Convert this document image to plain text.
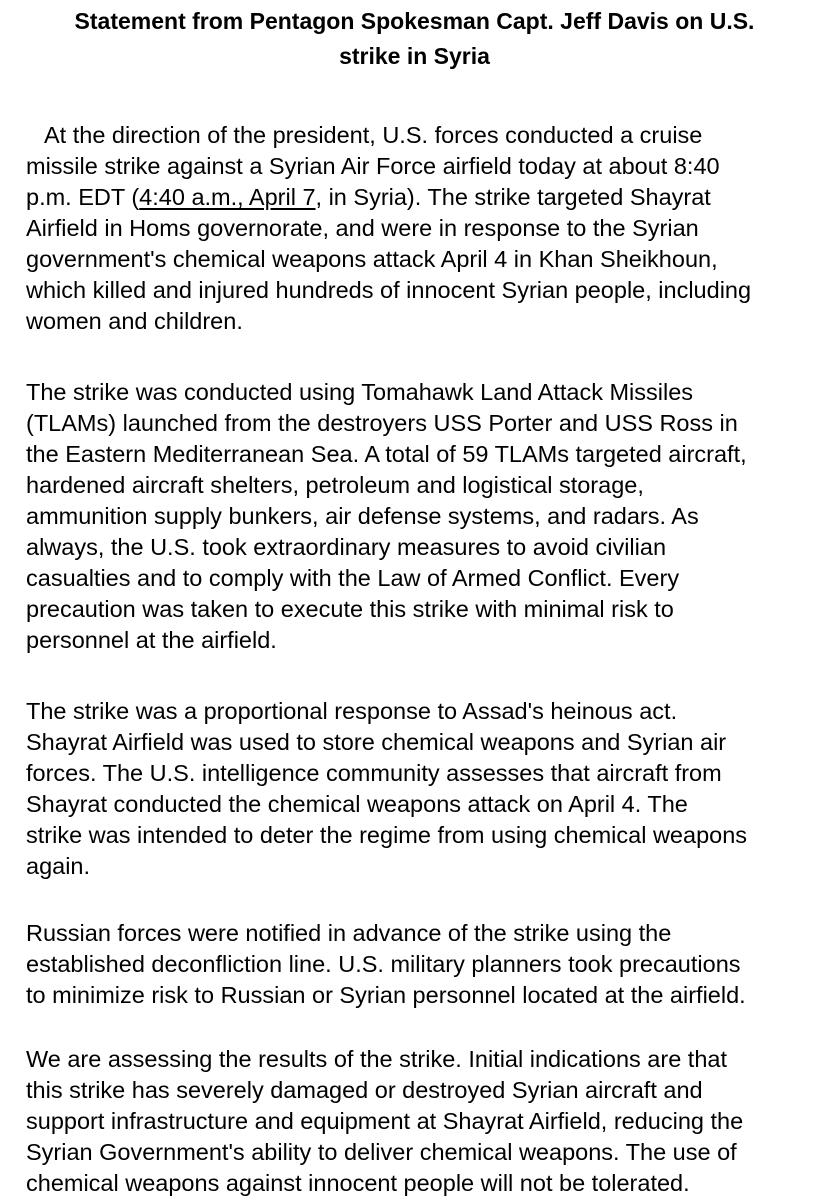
Statement from Pentagon Spokesman Capt. Jeff Davis on U.S.
strike in Syria
At the direction of the president, U.S. forces conducted a cruise
missile strike against a Syrian Air Force airfield today at about 8:40
p.m. EDT (4:40 a.m., April 7, in Syria). The strike targeted Shayrat
Airfield in Homs governorate, and were in response to the Syrian
government's chemical weapons attack April 4 in Khan Sheikhoun,
which killed and injured hundreds of innocent Syrian people, including
women and children.
The strike was conducted using Tomahawk Land Attack Missiles
(TLAMs) launched from the destroyers USS Porter and USS Ross in
the Eastern Mediterranean Sea. A total of 59 TLAMs targeted aircraft,
hardened aircraft shelters, petroleum and logistical storage,
ammunition supply bunkers, air defense systems, and radars. As
always, the U.S. took extraordinary measures to avoid civilian
casualties and to comply with the Law of Armed Conflict. Every
precaution was taken to execute this strike with minimal risk to
personnel at the airfield.
The strike was a proportional response to Assad's heinous act.
Shayrat Airfield was used to store chemical weapons and Syrian air
forces. The U.S. intelligence community assesses that aircraft from
Shayrat conducted the chemical weapons attack on April 4. The
strike was intended to deter the regime from using chemical weapons
again.
Russian forces were notified in advance of the strike using the
established deconfliction line. U.S. military planners took precautions
to minimize risk to Russian or Syrian personnel located at the airfield.
We are assessing the results of the strike. Initial indications are that
this strike has severely damaged or destroyed Syrian aircraft and
support infrastructure and equipment at Shayrat Airfield, reducing the
Syrian Government's ability to deliver chemical weapons. The use of
chemical weapons against innocent people will not be tolerated.
